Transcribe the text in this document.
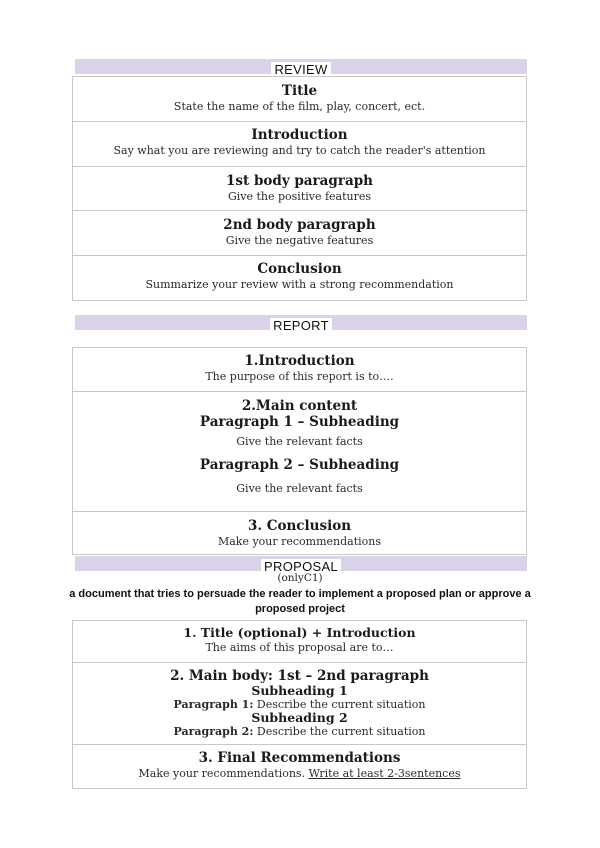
REVIEW
Title
State the name of the film, play, concert, ect.
Introduction
Say what you are reviewing and try to catch the reader's attention
1st body paragraph
Give the positive features
2nd body paragraph
Give the negative features
Conclusion
Summarize your review with a strong recommendation
REPORT
1.Introduction
The purpose of this report is to….
2.Main content
Paragraph 1 – Subheading
Give the relevant facts
Paragraph 2 – Subheading
Give the relevant facts
3. Conclusion
Make your recommendations
PROPOSAL
(onlyC1)
a document that tries to persuade the reader to implement a proposed plan or approve a proposed project
1. Title (optional) + Introduction
The aims of this proposal are to…
2. Main body: 1st – 2nd paragraph
Subheading 1
Paragraph 1: Describe the current situation
Subheading 2
Paragraph 2: Describe the current situation
3. Final Recommendations
Make your recommendations. Write at least 2-3sentences
